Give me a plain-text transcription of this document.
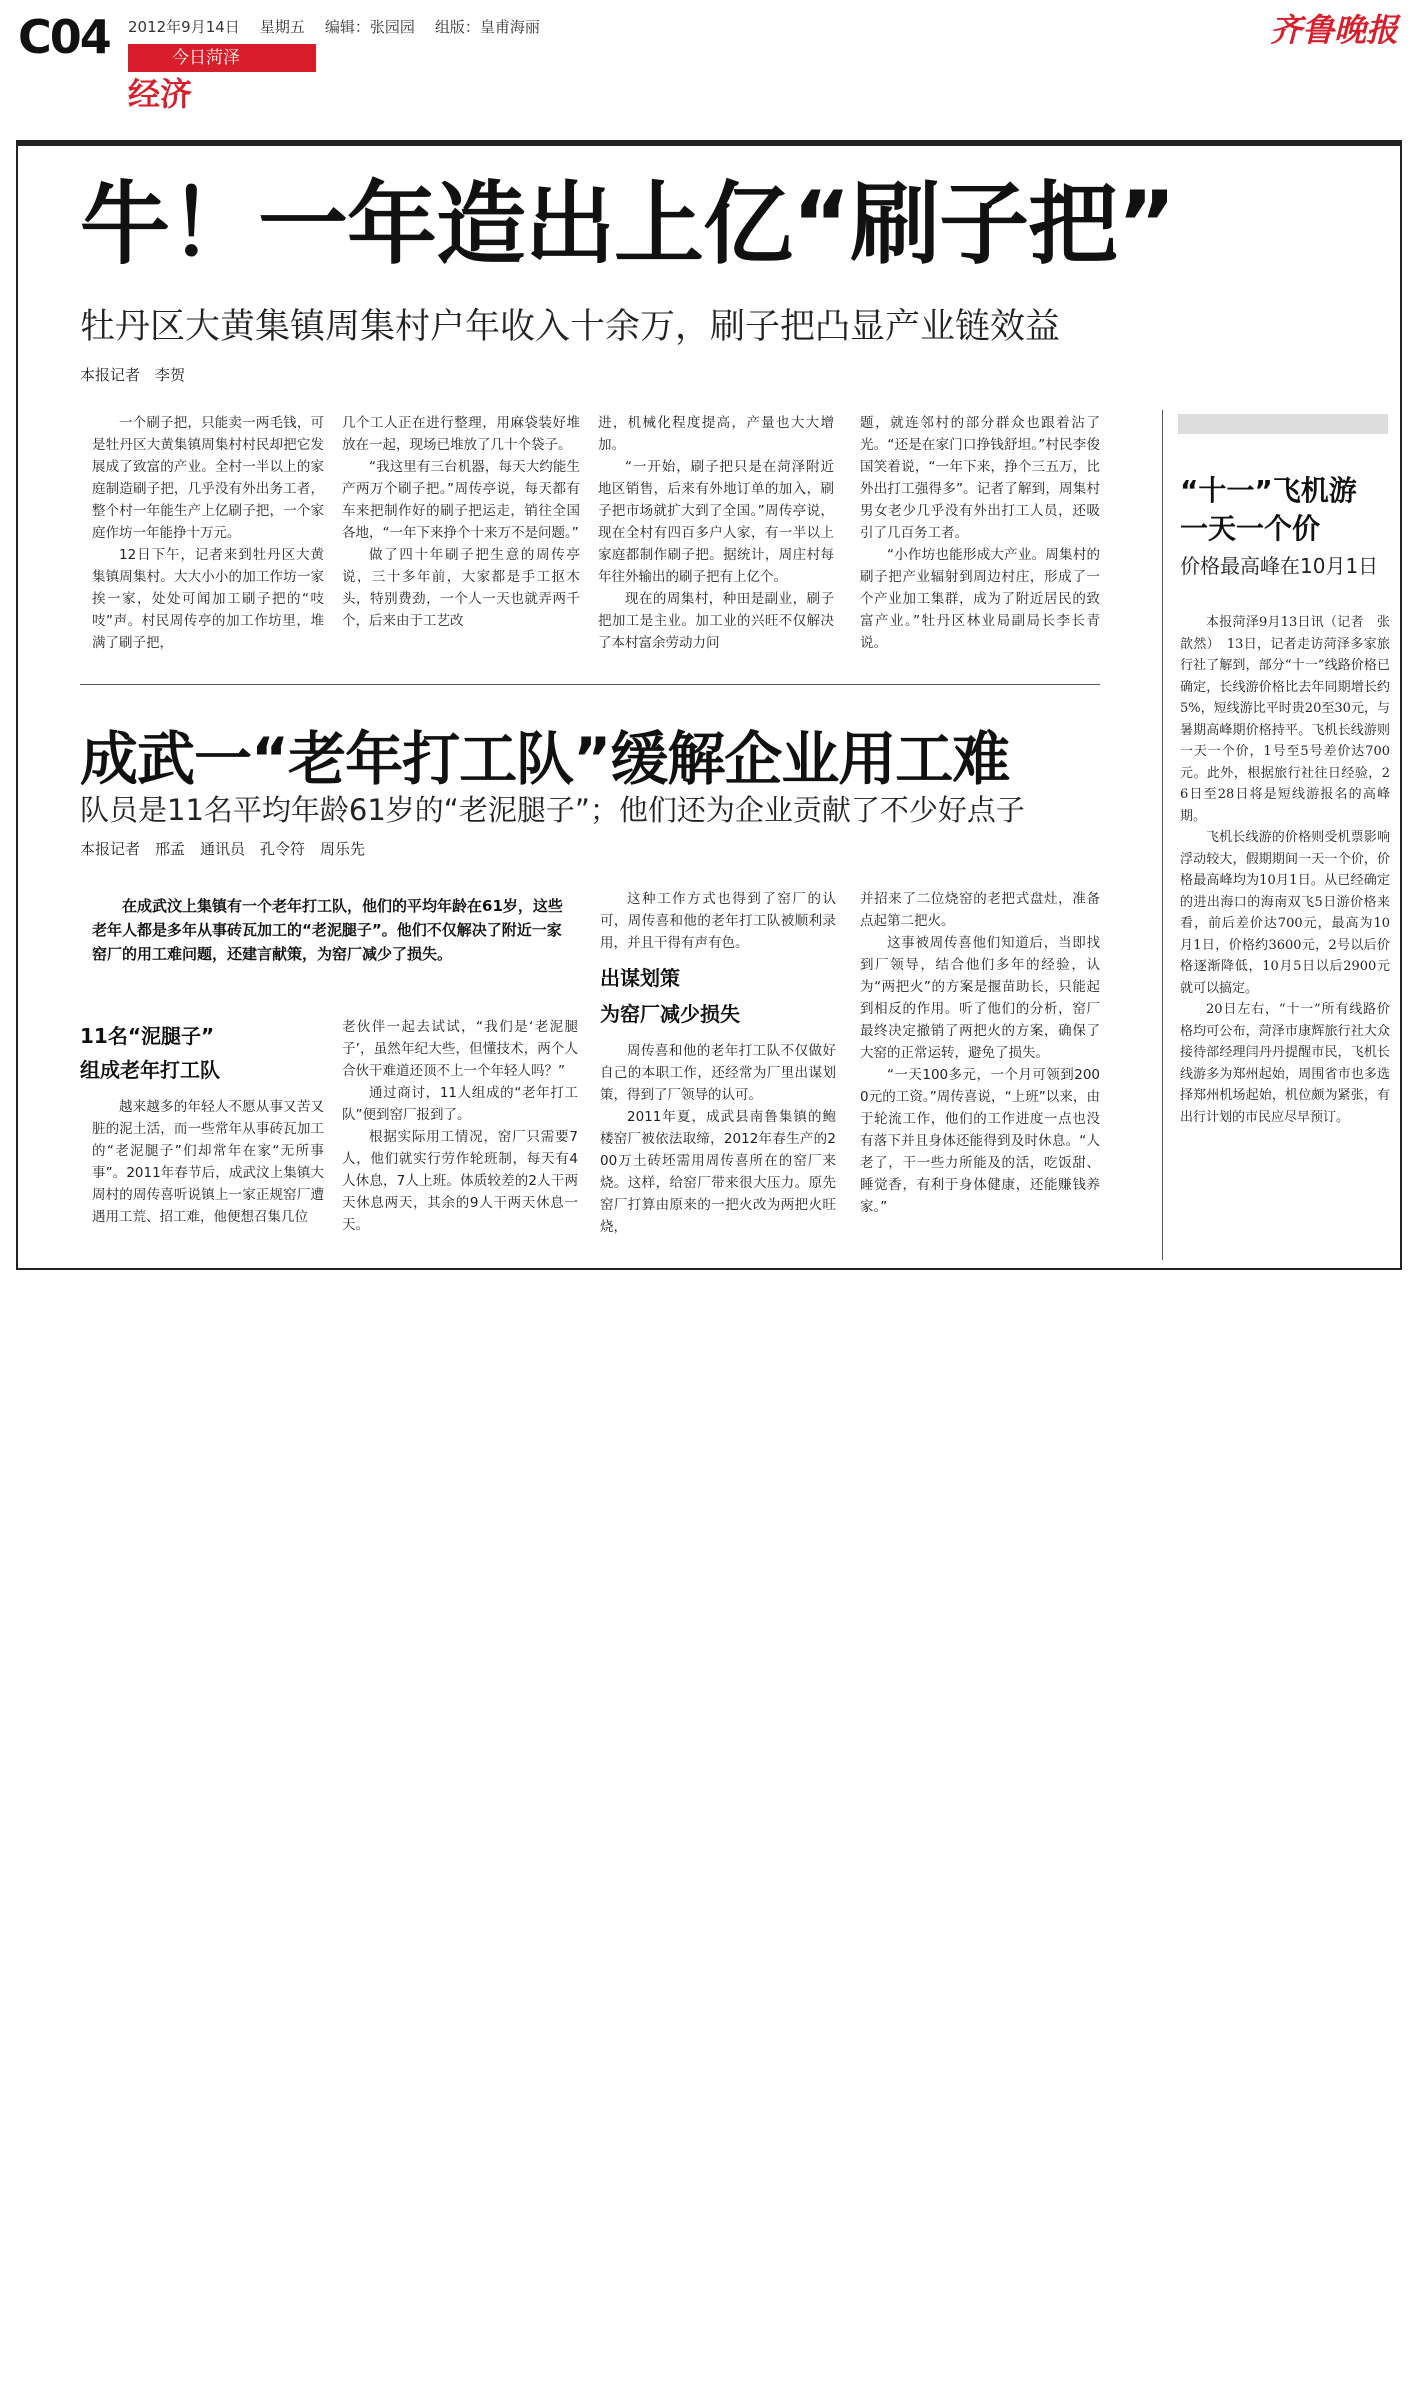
C04 2012年9月14日 星期五 编辑：张园园 组版：皇甫海丽
今日菏泽
经济
齐鲁晚报
牛！一年造出上亿“刷子把”
牡丹区大黄集镇周集村户年收入十余万，刷子把凸显产业链效益
本报记者　李贺

一个刷子把，只能卖一两毛钱，可是牡丹区大黄集镇周集村村民却把它发展成了致富的产业。全村一半以上的家庭制造刷子把，几乎没有外出务工者，整个村一年能生产上亿刷子把，一个家庭作坊一年能挣十万元。

12日下午，记者来到牡丹区大黄集镇周集村。大大小小的加工作坊一家挨一家，处处可闻加工刷子把的“吱吱”声。村民周传亭的加工作坊里，堆满了刷子把，

几个工人正在进行整理，用麻袋装好堆放在一起，现场已堆放了几十个袋子。

“我这里有三台机器，每天大约能生产两万个刷子把。”周传亭说，每天都有车来把制作好的刷子把运走，销往全国各地，“一年下来挣个十来万不是问题。”

做了四十年刷子把生意的周传亭说，三十多年前，大家都是手工抠木头，特别费劲，一个人一天也就弄两千个，后来由于工艺改

进，机械化程度提高，产量也大大增加。

“一开始，刷子把只是在菏泽附近地区销售，后来有外地订单的加入，刷子把市场就扩大到了全国。”周传亭说，现在全村有四百多户人家，有一半以上家庭都制作刷子把。据统计，周庄村每年往外输出的刷子把有上亿个。

现在的周集村，种田是副业，刷子把加工是主业。加工业的兴旺不仅解决了本村富余劳动力问

题，就连邻村的部分群众也跟着沾了光。“还是在家门口挣钱舒坦。”村民李俊国笑着说，“一年下来，挣个三五万，比外出打工强得多”。记者了解到，周集村男女老少几乎没有外出打工人员，还吸引了几百务工者。

“小作坊也能形成大产业。周集村的刷子把产业辐射到周边村庄，形成了一个产业加工集群，成为了附近居民的致富产业。”牡丹区林业局副局长李长青说。

成武一“老年打工队”缓解企业用工难
队员是11名平均年龄61岁的“老泥腿子”；他们还为企业贡献了不少好点子
本报记者　邢孟　通讯员　孔令符　周乐先
在成武汶上集镇有一个老年打工队，他们的平均年龄在61岁，这些老年人都是多年从事砖瓦加工的“老泥腿子”。他们不仅解决了附近一家窑厂的用工难问题，还建言献策，为窑厂减少了损失。
11名“泥腿子”
组成老年打工队

越来越多的年轻人不愿从事又苦又脏的泥土活，而一些常年从事砖瓦加工的“老泥腿子”们却常年在家“无所事事”。2011年春节后，成武汶上集镇大周村的周传喜听说镇上一家正规窑厂遭遇用工荒、招工难，他便想召集几位

老伙伴一起去试试，“我们是‘老泥腿子’，虽然年纪大些，但懂技术，两个人合伙干难道还顶不上一个年轻人吗？”

通过商讨，11人组成的“老年打工队”便到窑厂报到了。

根据实际用工情况，窑厂只需要7人，他们就实行劳作轮班制，每天有4人休息，7人上班。体质较差的2人干两天休息两天，其余的9人干两天休息一天。

这种工作方式也得到了窑厂的认可，周传喜和他的老年打工队被顺利录用，并且干得有声有色。

出谋划策
为窑厂减少损失

周传喜和他的老年打工队不仅做好自己的本职工作，还经常为厂里出谋划策，得到了厂领导的认可。

2011年夏，成武县南鲁集镇的鲍楼窑厂被依法取缔，2012年春生产的200万土砖坯需用周传喜所在的窑厂来烧。这样，给窑厂带来很大压力。原先窑厂打算由原来的一把火改为两把火旺烧，

并招来了二位烧窑的老把式盘灶，准备点起第二把火。

这事被周传喜他们知道后，当即找到厂领导，结合他们多年的经验，认为“两把火”的方案是揠苗助长，只能起到相反的作用。听了他们的分析，窑厂最终决定撤销了两把火的方案，确保了大窑的正常运转，避免了损失。

“一天100多元，一个月可领到2000元的工资。”周传喜说，“上班”以来，由于轮流工作，他们的工作进度一点也没有落下并且身体还能得到及时休息。“人老了，干一些力所能及的活，吃饭甜、睡觉香，有利于身体健康，还能赚钱养家。”

“十一”飞机游
一天一个价
价格最高峰在10月1日

本报菏泽9月13日讯（记者　张歆然）　13日，记者走访菏泽多家旅行社了解到，部分“十一”线路价格已确定，长线游价格比去年同期增长约5%，短线游比平时贵20至30元，与暑期高峰期价格持平。飞机长线游则一天一个价，1号至5号差价达700元。此外，根据旅行社往日经验，26日至28日将是短线游报名的高峰期。

飞机长线游的价格则受机票影响浮动较大，假期期间一天一个价，价格最高峰均为10月1日。从已经确定的进出海口的海南双飞5日游价格来看，前后差价达700元，最高为10月1日，价格约3600元，2号以后价格逐渐降低，10月5日以后2900元就可以搞定。

20日左右，“十一”所有线路价格均可公布，菏泽市康辉旅行社大众接待部经理闫丹丹提醒市民，飞机长线游多为郑州起始，周围省市也多选择郑州机场起始，机位颇为紧张，有出行计划的市民应尽早预订。
